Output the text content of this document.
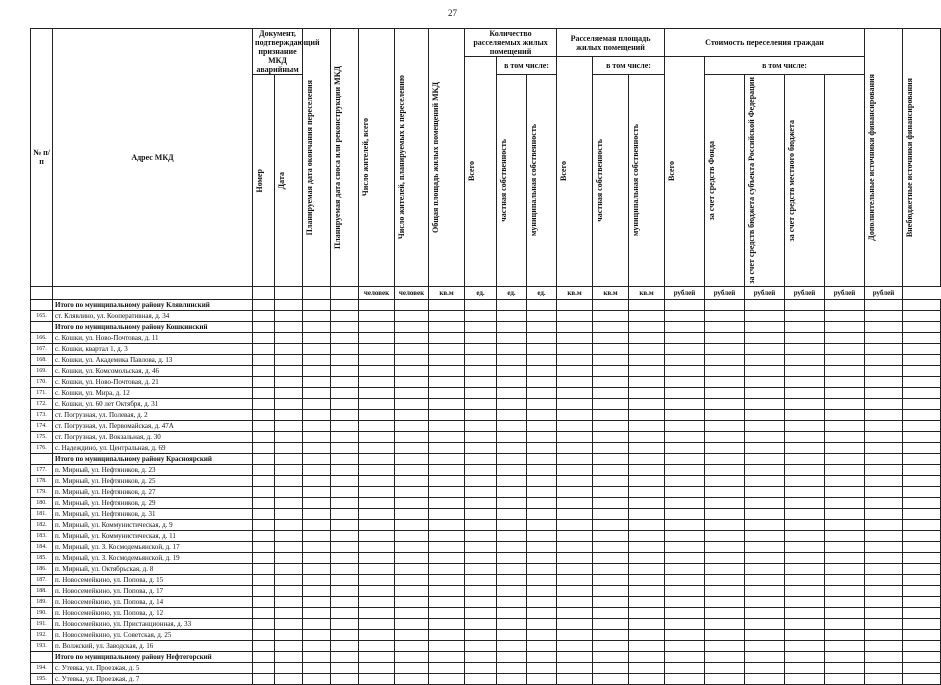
27
№ п/п	Адрес МКД	Документ, подтверждающий признание МКД аварийным		Планируемая дата окончания переселения	Планируемая дата сноса или реконструкции МКД	Число жителей, всего	Число жителей, планируемых к переселению	Общая площадь жилых помещений МКД	Количество расселяемых жилых помещений			Расселяемая площадь жилых помещений			Стоимость переселения граждан					Дополнительные источники финансирования	Внебюджетные источники финансирования

									Всего	в том числе:		Всего	в том числе:		Всего	в том числе:					

		Номер	Дата							частная собственность	муниципальная собственность		частная собственность	муниципальная собственность		за счет средств Фонда	за счет средств бюджета субъекта Российской Федерации	за счет средств местного бюджета			

						человек	человек	кв.м	ед.	ед.	ед.	кв.м	кв.м	кв.м	рублей	рублей	рублей	рублей	рублей	рублей	
	Итого по муниципальному району Клявлинский																				
165.	ст. Клявлино, ул. Кооперативная, д. 34																				
	Итого по муниципальному району Кошкинский																				
166.	с. Кошки, ул. Ново-Почтовая, д. 11																				
167.	с. Кошки, квартал 1, д. 3																				
168.	с. Кошки, ул. Академика Павлова, д. 13																				
169.	с. Кошки, ул. Комсомольская, д. 46																				
170.	с. Кошки, ул. Ново-Почтовая, д. 21																				
171.	с. Кошки, ул. Мира, д. 12																				
172.	с. Кошки, ул. 60 лет Октября, д. 31																				
173.	ст. Погрузная, ул. Полевая, д. 2																				
174.	ст. Погрузная, ул. Первомайская, д. 47А																				
175.	ст. Погрузная, ул. Вокзальная, д. 30																				
176.	с. Надеждино, ул. Центральная, д. 69																				
	Итого по муниципальному району Красноярский																				
177.	п. Мирный, ул. Нефтяников, д. 23																				
178.	п. Мирный, ул. Нефтяников, д. 25																				
179.	п. Мирный, ул. Нефтяников, д. 27																				
180.	п. Мирный, ул. Нефтяников, д. 29																				
181.	п. Мирный, ул. Нефтяников, д. 31																				
182.	п. Мирный, ул. Коммунистическая, д. 9																				
183.	п. Мирный, ул. Коммунистическая, д. 11																				
184.	п. Мирный, ул. З. Космодемьянской, д. 17																				
185.	п. Мирный, ул. З. Космодемьянской, д. 19																				
186.	п. Мирный, ул. Октябрьская, д. 8																				
187.	п. Новосемейкино, ул. Попова, д. 15																				
188.	п. Новосемейкино, ул. Попова, д. 17																				
189.	п. Новосемейкино, ул. Попова, д. 14																				
190.	п. Новосемейкино, ул. Попова, д. 12																				
191.	п. Новосемейкино, ул. Пристанционная, д. 33																				
192.	п. Новосемейкино, ул. Советская, д. 25																				
193.	п. Волжский, ул. Заводская, д. 16																				
	Итого по муниципальному району Нефтегорский																				
194.	с. Утевка, ул. Проезжая, д. 5																				
195.	с. Утевка, ул. Проезжая, д. 7																				
